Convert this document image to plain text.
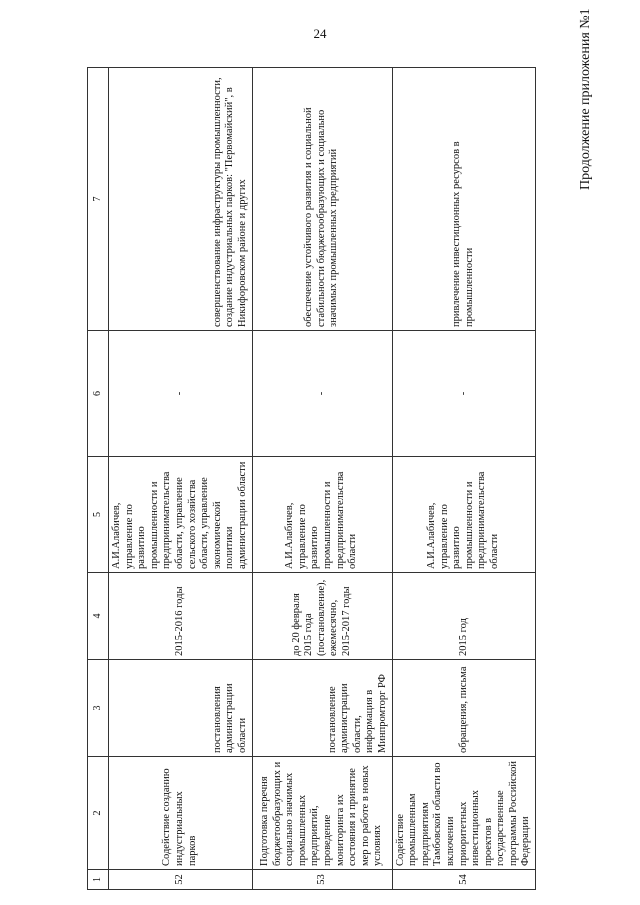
24	Продолжение приложения №1
1	2	3	4	5	6	7
52	Содействие созданию индустриальных парков	постановления администрации области	2015-2016 годы	А.И.Алабичев, управление по развитию промышленности и предпринимательства области, управление сельского хозяйства области, управление экономической политики администрации области	-	совершенствование инфраструктуры промышленности, создание индустриальных парков: "Первомайский", в Никифоровском районе и других
53	Подготовка перечня бюджетообразующих и социально значимых промышленных предприятий, проведение мониторинга их состояния и принятие мер по работе в новых условиях	постановление администрации области, информация в Минпромторг РФ	до 20 февраля 2015 года (постановление), ежемесячно, 2015-2017 годы	А.И.Алабичев, управление по развитию промышленности и предпринимательства области	-	обеспечение устойчивого развития и социальной стабильности бюджетообразующих и социально значимых промышленных предприятий
54	Содействие промышленным предприятиям Тамбовской области во включении приоритетных инвестиционных проектов в государственные программы Российской Федерации	обращения, письма	2015 год	А.И.Алабичев, управление по развитию промышленности и предпринимательства области	-	привлечение инвестиционных ресурсов в промышленности
